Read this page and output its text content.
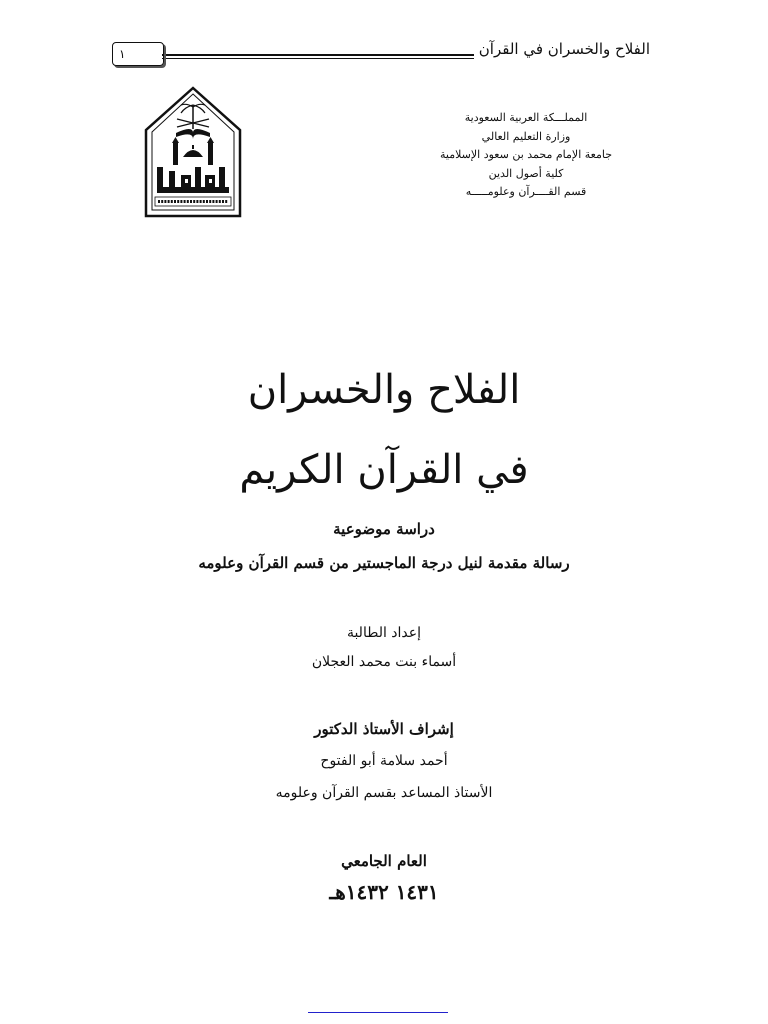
الفلاح والخسران في القرآن
١
المملـــكة العربية السعودية
وزارة التعليم العالي
جامعة الإمام محمد بن سعود الإسلامية
كلية أصول الدين
قسم القــــرآن وعلومـــــه
الفلاح والخسران
في القرآن الكريم
دراسة موضوعية
رسالة مقدمة لنيل درجة الماجستير من قسم القرآن وعلومه
إعداد الطالبة
أسماء بنت محمد العجلان
إشراف الأستاذ الدكتور
أحمد سلامة أبو الفتوح
الأستاذ المساعد بقسم القرآن وعلومه
العام الجامعي
١٤٣١ ١٤٣٢هـ
